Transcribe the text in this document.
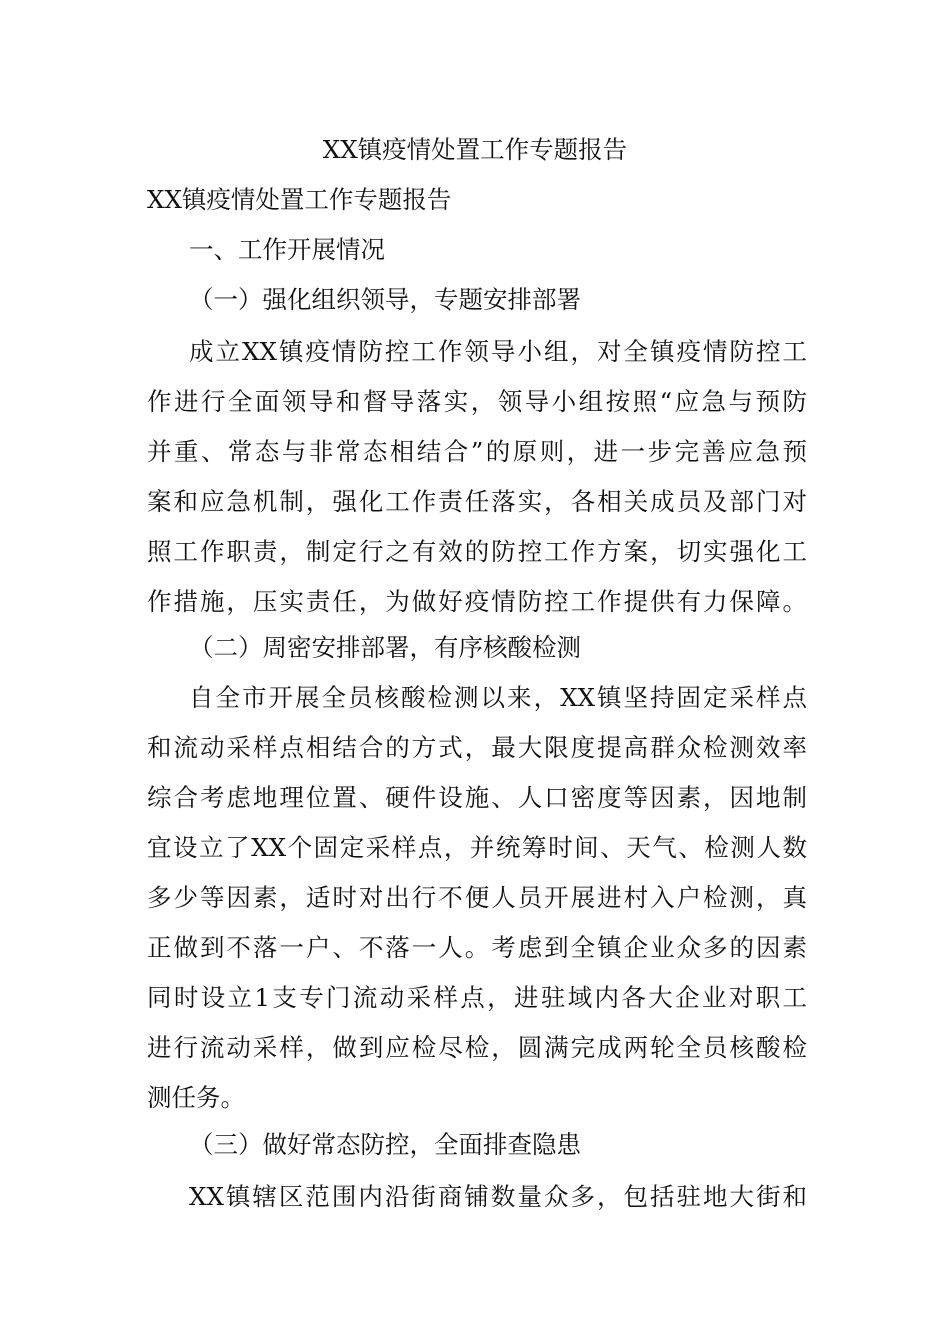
XX镇疫情处置工作专题报告
XX镇疫情处置工作专题报告
一、工作开展情况
（一）强化组织领导，专题安排部署
成立XX镇疫情防控工作领导小组，对全镇疫情防控工
作进行全面领导和督导落实，领导小组按照“应急与预防
并重、常态与非常态相结合”的原则，进一步完善应急预
案和应急机制，强化工作责任落实，各相关成员及部门对
照工作职责，制定行之有效的防控工作方案，切实强化工
作措施，压实责任，为做好疫情防控工作提供有力保障。
（二）周密安排部署，有序核酸检测
自全市开展全员核酸检测以来，XX镇坚持固定采样点
和流动采样点相结合的方式，最大限度提高群众检测效率
综合考虑地理位置、硬件设施、人口密度等因素，因地制
宜设立了XX个固定采样点，并统筹时间、天气、检测人数
多少等因素，适时对出行不便人员开展进村入户检测，真
正做到不落一户、不落一人。考虑到全镇企业众多的因素
同时设立1支专门流动采样点，进驻域内各大企业对职工
进行流动采样，做到应检尽检，圆满完成两轮全员核酸检
测任务。
（三）做好常态防控，全面排查隐患
XX镇辖区范围内沿街商铺数量众多，包括驻地大街和
